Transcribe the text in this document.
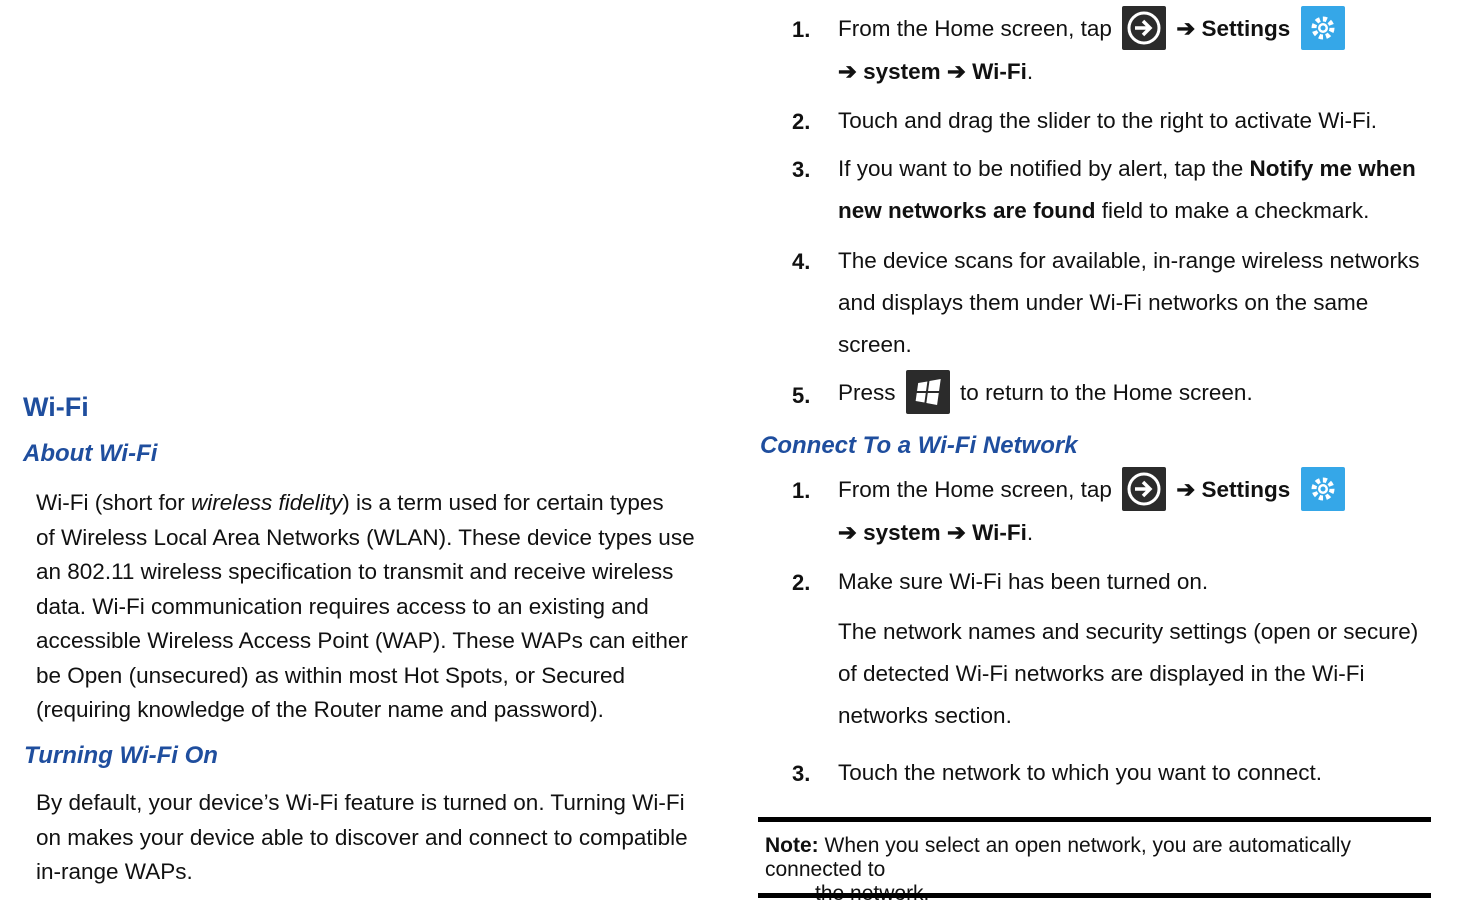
Wi-Fi
About Wi-Fi
Wi-Fi (short for wireless fidelity) is a term used for certain types
of Wireless Local Area Networks (WLAN). These device types use
an 802.11 wireless specification to transmit and receive wireless
data. Wi-Fi communication requires access to an existing and
accessible Wireless Access Point (WAP). These WAPs can either
be Open (unsecured) as within most Hot Spots, or Secured
(requiring knowledge of the Router name and password).
Turning Wi-Fi On
By default, your device’s Wi-Fi feature is turned on. Turning Wi-Fi
on makes your device able to discover and connect to compatible
in-range WAPs.
1. From the Home screen, tap	➔ Settings
➔ system ➔ Wi-Fi.
2. Touch and drag the slider to the right to activate Wi-Fi.
3. If you want to be notified by alert, tap the Notify me when
new networks are found field to make a checkmark.
4. The device scans for available, in-range wireless networks
and displays them under Wi-Fi networks on the same
screen.
5. Press	to return to the Home screen.
Connect To a Wi-Fi Network
1. From the Home screen, tap	➔ Settings
➔ system ➔ Wi-Fi.
2. Make sure Wi-Fi has been turned on.
The network names and security settings (open or secure)
of detected Wi-Fi networks are displayed in the Wi-Fi
networks section.
3. Touch the network to which you want to connect.
Note: When you select an open network, you are automatically connected to
